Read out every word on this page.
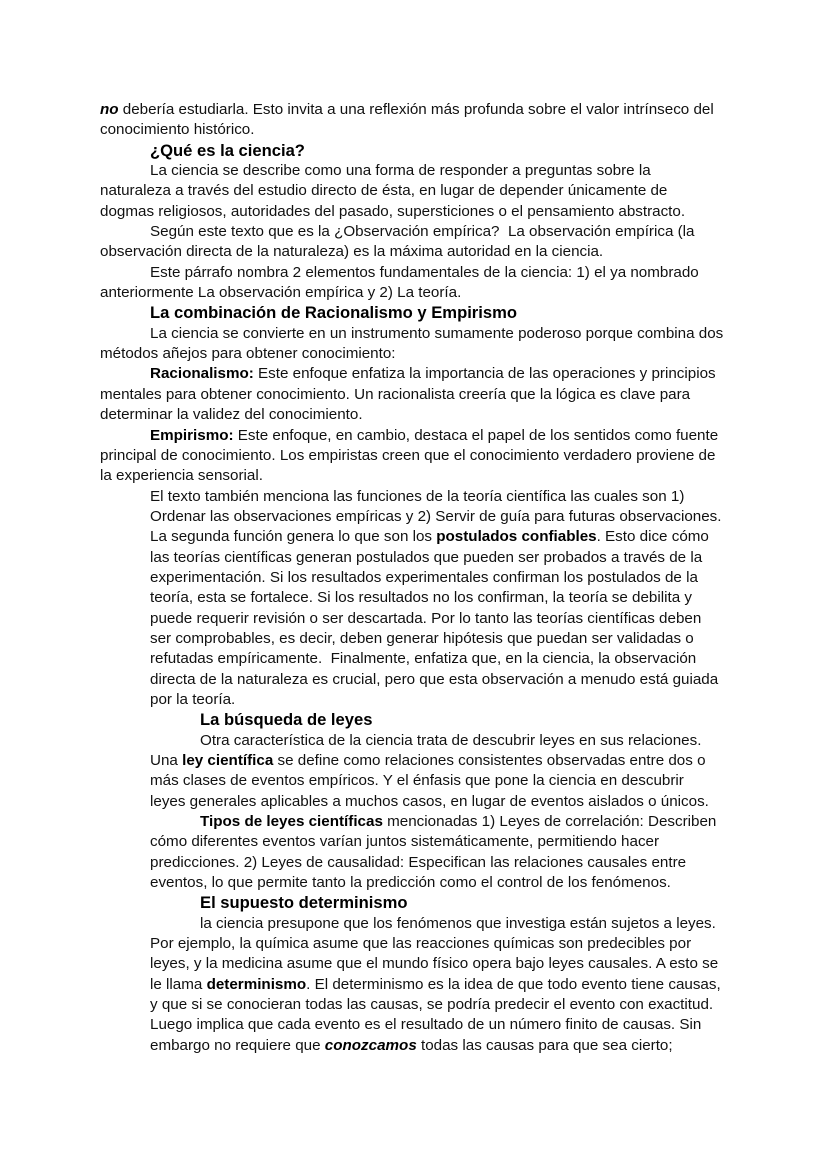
no debería estudiarla. Esto invita a una reflexión más profunda sobre el valor intrínseco del
conocimiento histórico.
¿Qué es la ciencia?
La ciencia se describe como una forma de responder a preguntas sobre la
naturaleza a través del estudio directo de ésta, en lugar de depender únicamente de
dogmas religiosos, autoridades del pasado, supersticiones o el pensamiento abstracto.
Según este texto que es la ¿Observación empírica?  La observación empírica (la
observación directa de la naturaleza) es la máxima autoridad en la ciencia.
Este párrafo nombra 2 elementos fundamentales de la ciencia: 1) el ya nombrado
anteriormente La observación empírica y 2) La teoría.
La combinación de Racionalismo y Empirismo
La ciencia se convierte en un instrumento sumamente poderoso porque combina dos
métodos añejos para obtener conocimiento:
Racionalismo: Este enfoque enfatiza la importancia de las operaciones y principios
mentales para obtener conocimiento. Un racionalista creería que la lógica es clave para
determinar la validez del conocimiento.
Empirismo: Este enfoque, en cambio, destaca el papel de los sentidos como fuente
principal de conocimiento. Los empiristas creen que el conocimiento verdadero proviene de
la experiencia sensorial.
El texto también menciona las funciones de la teoría científica las cuales son 1)
Ordenar las observaciones empíricas y 2) Servir de guía para futuras observaciones.
La segunda función genera lo que son los postulados confiables. Esto dice cómo
las teorías científicas generan postulados que pueden ser probados a través de la
experimentación. Si los resultados experimentales confirman los postulados de la
teoría, esta se fortalece. Si los resultados no los confirman, la teoría se debilita y
puede requerir revisión o ser descartada. Por lo tanto las teorías científicas deben
ser comprobables, es decir, deben generar hipótesis que puedan ser validadas o
refutadas empíricamente.  Finalmente, enfatiza que, en la ciencia, la observación
directa de la naturaleza es crucial, pero que esta observación a menudo está guiada
por la teoría.
La búsqueda de leyes
Otra característica de la ciencia trata de descubrir leyes en sus relaciones.
Una ley científica se define como relaciones consistentes observadas entre dos o
más clases de eventos empíricos. Y el énfasis que pone la ciencia en descubrir
leyes generales aplicables a muchos casos, en lugar de eventos aislados o únicos.
Tipos de leyes científicas mencionadas 1) Leyes de correlación: Describen
cómo diferentes eventos varían juntos sistemáticamente, permitiendo hacer
predicciones. 2) Leyes de causalidad: Especifican las relaciones causales entre
eventos, lo que permite tanto la predicción como el control de los fenómenos.
El supuesto determinismo
la ciencia presupone que los fenómenos que investiga están sujetos a leyes.
Por ejemplo, la química asume que las reacciones químicas son predecibles por
leyes, y la medicina asume que el mundo físico opera bajo leyes causales. A esto se
le llama determinismo. El determinismo es la idea de que todo evento tiene causas,
y que si se conocieran todas las causas, se podría predecir el evento con exactitud.
Luego implica que cada evento es el resultado de un número finito de causas. Sin
embargo no requiere que conozcamos todas las causas para que sea cierto;
